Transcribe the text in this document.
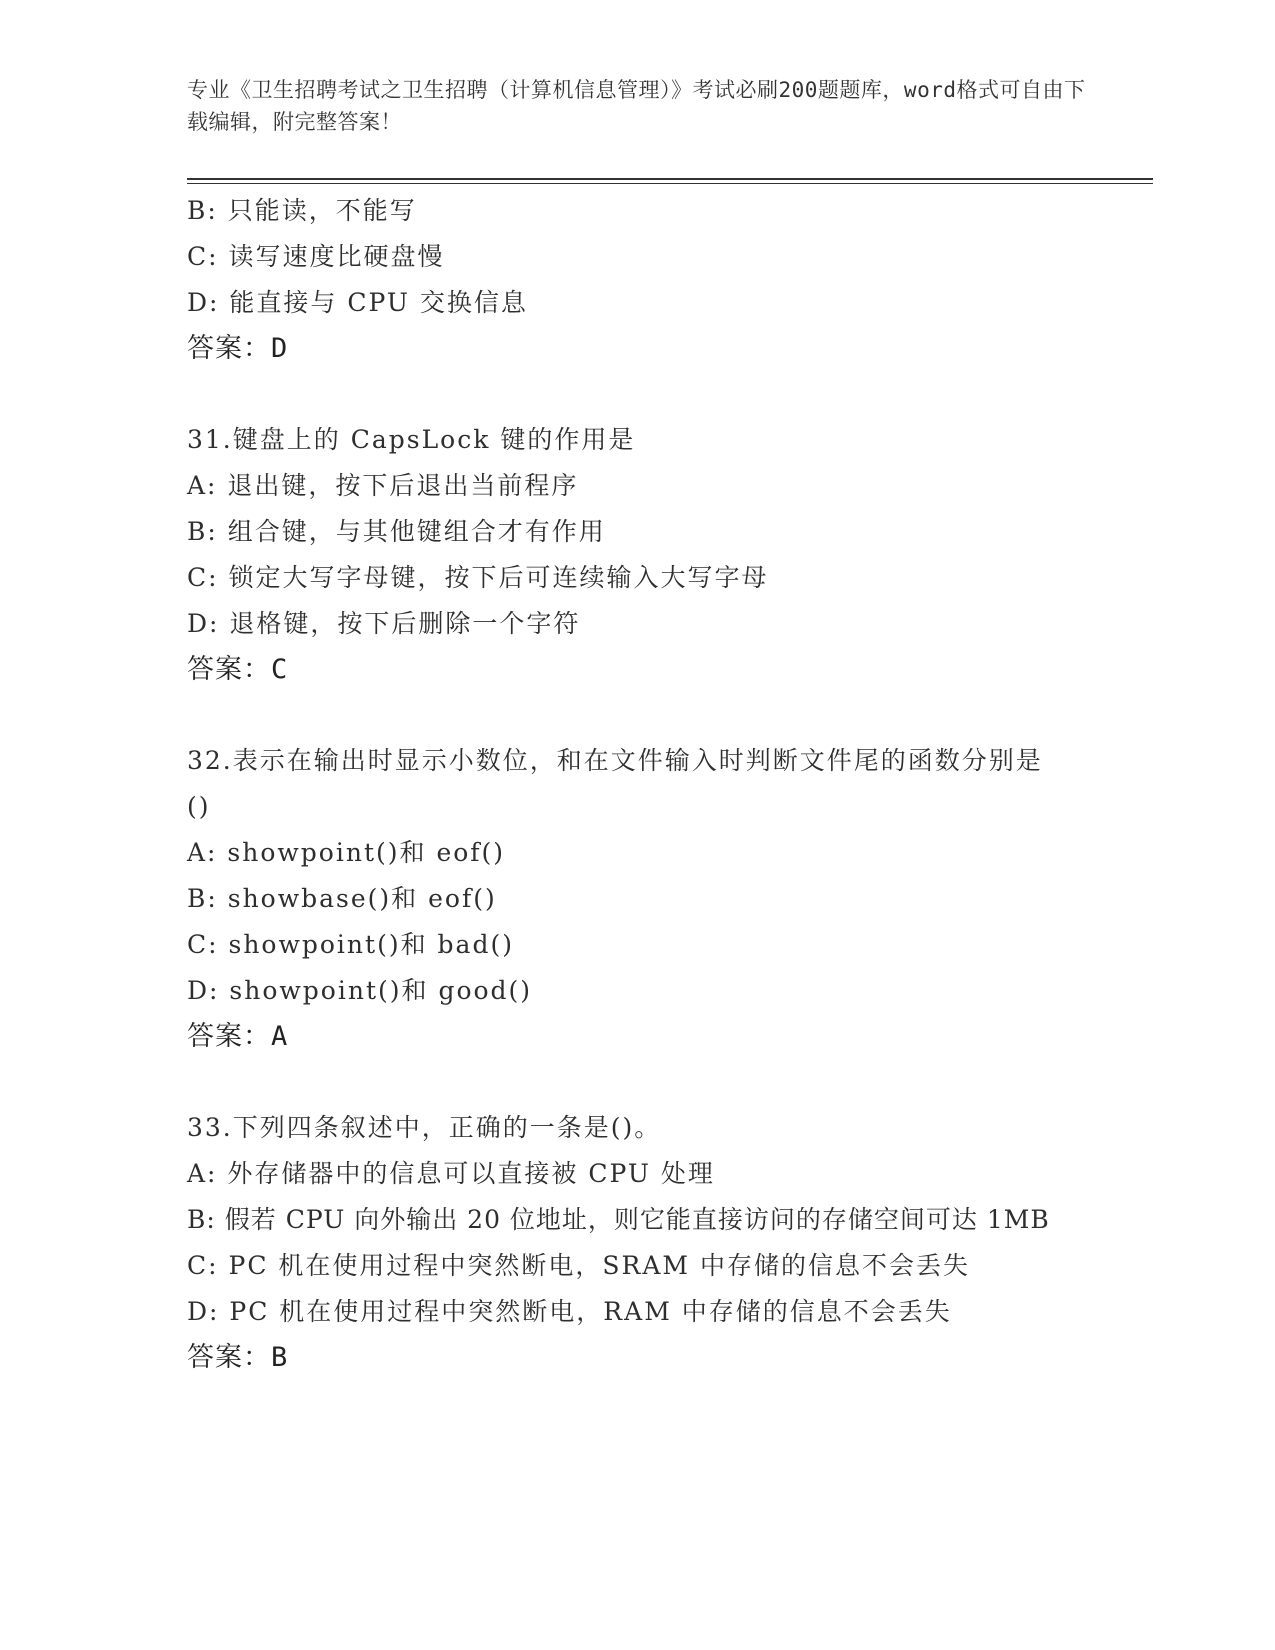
专业《卫生招聘考试之卫生招聘（计算机信息管理）》考试必刷200题题库，word格式可自由下载编辑，附完整答案！
B: 只能读，不能写
C: 读写速度比硬盘慢
D: 能直接与 CPU 交换信息
答案：D
31.键盘上的 CapsLock 键的作用是
A: 退出键，按下后退出当前程序
B: 组合键，与其他键组合才有作用
C: 锁定大写字母键，按下后可连续输入大写字母
D: 退格键，按下后删除一个字符
答案：C
32.表示在输出时显示小数位，和在文件输入时判断文件尾的函数分别是()
A: showpoint()和 eof()
B: showbase()和 eof()
C: showpoint()和 bad()
D: showpoint()和 good()
答案：A
33.下列四条叙述中，正确的一条是()。
A: 外存储器中的信息可以直接被 CPU 处理
B: 假若 CPU 向外输出 20 位地址，则它能直接访问的存储空间可达 1MB
C: PC 机在使用过程中突然断电，SRAM 中存储的信息不会丢失
D: PC 机在使用过程中突然断电，RAM 中存储的信息不会丢失
答案：B
